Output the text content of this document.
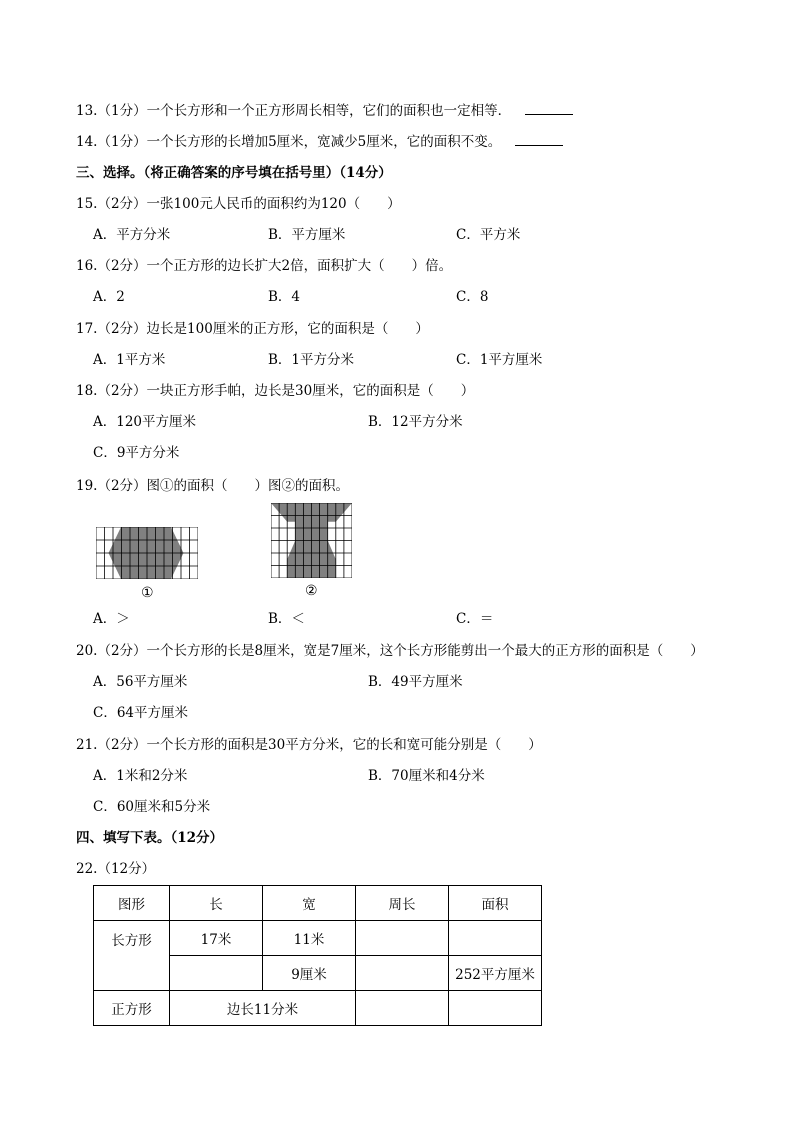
13.（1分）一个长方形和一个正方形周长相等，它们的面积也一定相等．
14.（1分）一个长方形的长增加5厘米，宽减少5厘米，它的面积不变。
三、选择。（将正确答案的序号填在括号里）（14分）
15.（2分）一张100元人民币的面积约为120（　　）
A．平方分米	B．平方厘米	C．平方米
16.（2分）一个正方形的边长扩大2倍，面积扩大（　　）倍。
A．2	B．4	C．8
17.（2分）边长是100厘米的正方形，它的面积是（　　）
A．1平方米	B．1平方分米	C．1平方厘米
18.（2分）一块正方形手帕，边长是30厘米，它的面积是（　　）
A．120平方厘米	B．12平方分米
C．9平方分米
19.（2分）图①的面积（　　）图②的面积。
①	②
A．＞	B．＜	C．＝
20.（2分）一个长方形的长是8厘米，宽是7厘米，这个长方形能剪出一个最大的正方形的面积是（　　）
A．56平方厘米	B．49平方厘米
C．64平方厘米
21.（2分）一个长方形的面积是30平方分米，它的长和宽可能分别是（　　）
A．1米和2分米	B．70厘米和4分米
C．60厘米和5分米
四、填写下表。（12分）
22.（12分）
图形	长	宽	周长	面积
长方形	17米	11米		
		9厘米		252平方厘米
正方形	边长11分米			
